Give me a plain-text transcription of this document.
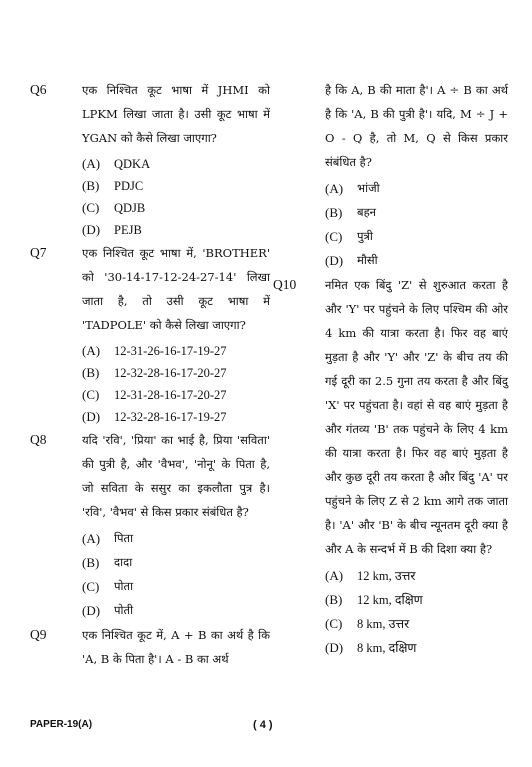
Q6	एक निश्चित कूट भाषा में JHMI को LPKM लिखा जाता है। उसी कूट भाषा में YGAN को कैसे लिखा जाएगा?
(A)	QDKA
(B)	PDJC
(C)	QDJB
(D)	PEJB
Q7	एक निश्चित कूट भाषा में, 'BROTHER' को '30-14-17-12-24-27-14' लिखा जाता है, तो उसी कूट भाषा में 'TADPOLE' को कैसे लिखा जाएगा?
(A)	12-31-26-16-17-19-27
(B)	12-32-28-16-17-20-27
(C)	12-31-28-16-17-20-27
(D)	12-32-28-16-17-19-27
Q8	यदि 'रवि', 'प्रिया' का भाई है, प्रिया 'सविता' की पुत्री है, और 'वैभव', 'नोनू' के पिता है, जो सविता के ससुर का इकलौता पुत्र है। 'रवि', 'वैभव' से किस प्रकार संबंधित है?
(A)	पिता
(B)	दादा
(C)	पोता
(D)	पोती
Q9	एक निश्चित कूट में, A + B का अर्थ है कि 'A, B के पिता है'। A - B का अर्थ
है कि A, B की माता है'। A ÷ B का अर्थ है कि 'A, B की पुत्री है'। यदि, M ÷ J + O - Q है, तो M, Q से किस प्रकार संबंधित है?
(A)	भांजी
(B)	बहन
(C)	पुत्री
(D)	मौसी
Q10	नमित एक बिंदु 'Z' से शुरुआत करता है और 'Y' पर पहुंचने के लिए पश्चिम की ओर 4 km की यात्रा करता है। फिर वह बाएं मुड़ता है और 'Y' और 'Z' के बीच तय की गई दूरी का 2.5 गुना तय करता है और बिंदु 'X' पर पहुंचता है। वहां से वह बाएं मुड़ता है और गंतव्य 'B' तक पहुंचने के लिए 4 km की यात्रा करता है। फिर वह बाएं मुड़ता है और कुछ दूरी तय करता है और बिंदु 'A' पर पहुंचने के लिए Z से 2 km आगे तक जाता है। 'A' और 'B' के बीच न्यूनतम दूरी क्या है और A के सन्दर्भ में B की दिशा क्या है?
(A)	12 km, उत्तर
(B)	12 km, दक्षिण
(C)	8 km, उत्तर
(D)	8 km, दक्षिण
PAPER-19(A)	( 4 )
